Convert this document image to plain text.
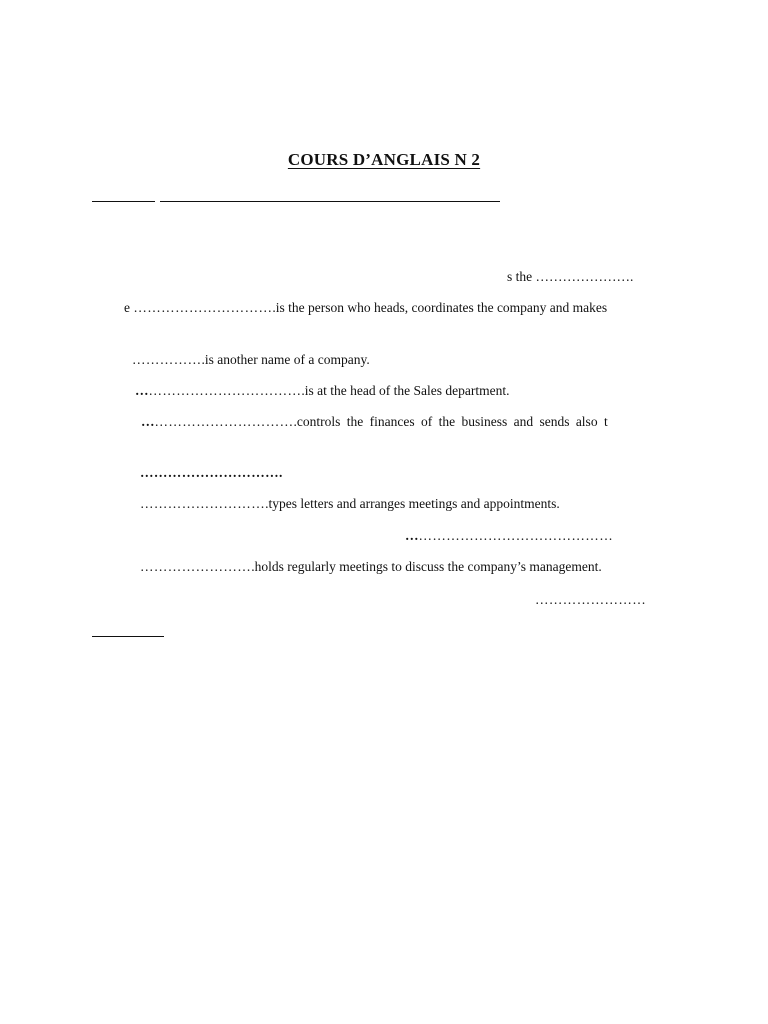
COURS D’ANGLAIS N 2
s the ………………….
e ………………………….is the person who heads, coordinates the company and makes
…………….is another name of a company.
……………………………….is at the head of the Sales department.
…………………………….controls the finances of the business and sends also t
………………………….
……………………….types letters and arranges meetings and appointments.
………………………………………
…………………….holds regularly meetings to discuss the company’s management.
……………………
